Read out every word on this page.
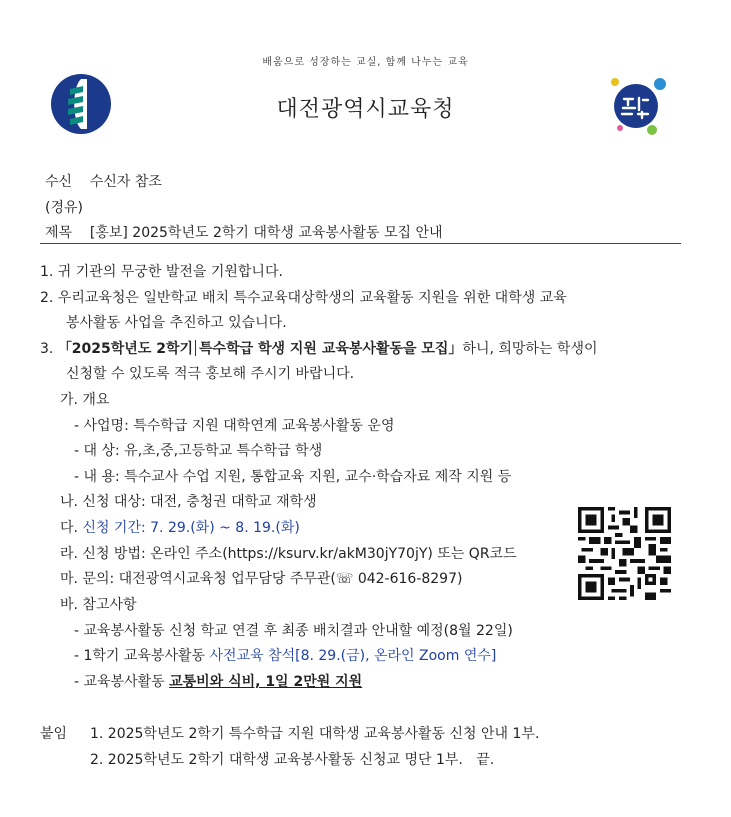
배움으로 성장하는 교실, 함께 나누는 교육
대전광역시교육청
수신 수신자 참조
(경유)
제목 [홍보] 2025학년도 2학기 대학생 교육봉사활동 모집 안내
1. 귀 기관의 무궁한 발전을 기원합니다.
2. 우리교육청은 일반학교 배치 특수교육대상학생의 교육활동 지원을 위한 대학생 교육
봉사활동 사업을 추진하고 있습니다.
3. 「2025학년도 2학기 특수학급 학생 지원 교육봉사활동을 모집」하니, 희망하는 학생이
신청할 수 있도록 적극 홍보해 주시기 바랍니다.
가. 개요
- 사업명: 특수학급 지원 대학연계 교육봉사활동 운영
- 대 상: 유,초,중,고등학교 특수학급 학생
- 내 용: 특수교사 수업 지원, 통합교육 지원, 교수·학습자료 제작 지원 등
나. 신청 대상: 대전, 충청권 대학교 재학생
다. 신청 기간: 7. 29.(화) ~ 8. 19.(화)
라. 신청 방법: 온라인 주소(https://ksurv.kr/akM30jY70jY) 또는 QR코드
마. 문의: 대전광역시교육청 업무담당 주무관(☏ 042-616-8297)
바. 참고사항
- 교육봉사활동 신청 학교 연결 후 최종 배치결과 안내할 예정(8월 22일)
- 1학기 교육봉사활동 사전교육 참석[8. 29.(금), 온라인 Zoom 연수]
- 교육봉사활동 교통비와 식비, 1일 2만원 지원
붙임 1. 2025학년도 2학기 특수학급 지원 대학생 교육봉사활동 신청 안내 1부.
2. 2025학년도 2학기 대학생 교육봉사활동 신청교 명단 1부. 끝.
